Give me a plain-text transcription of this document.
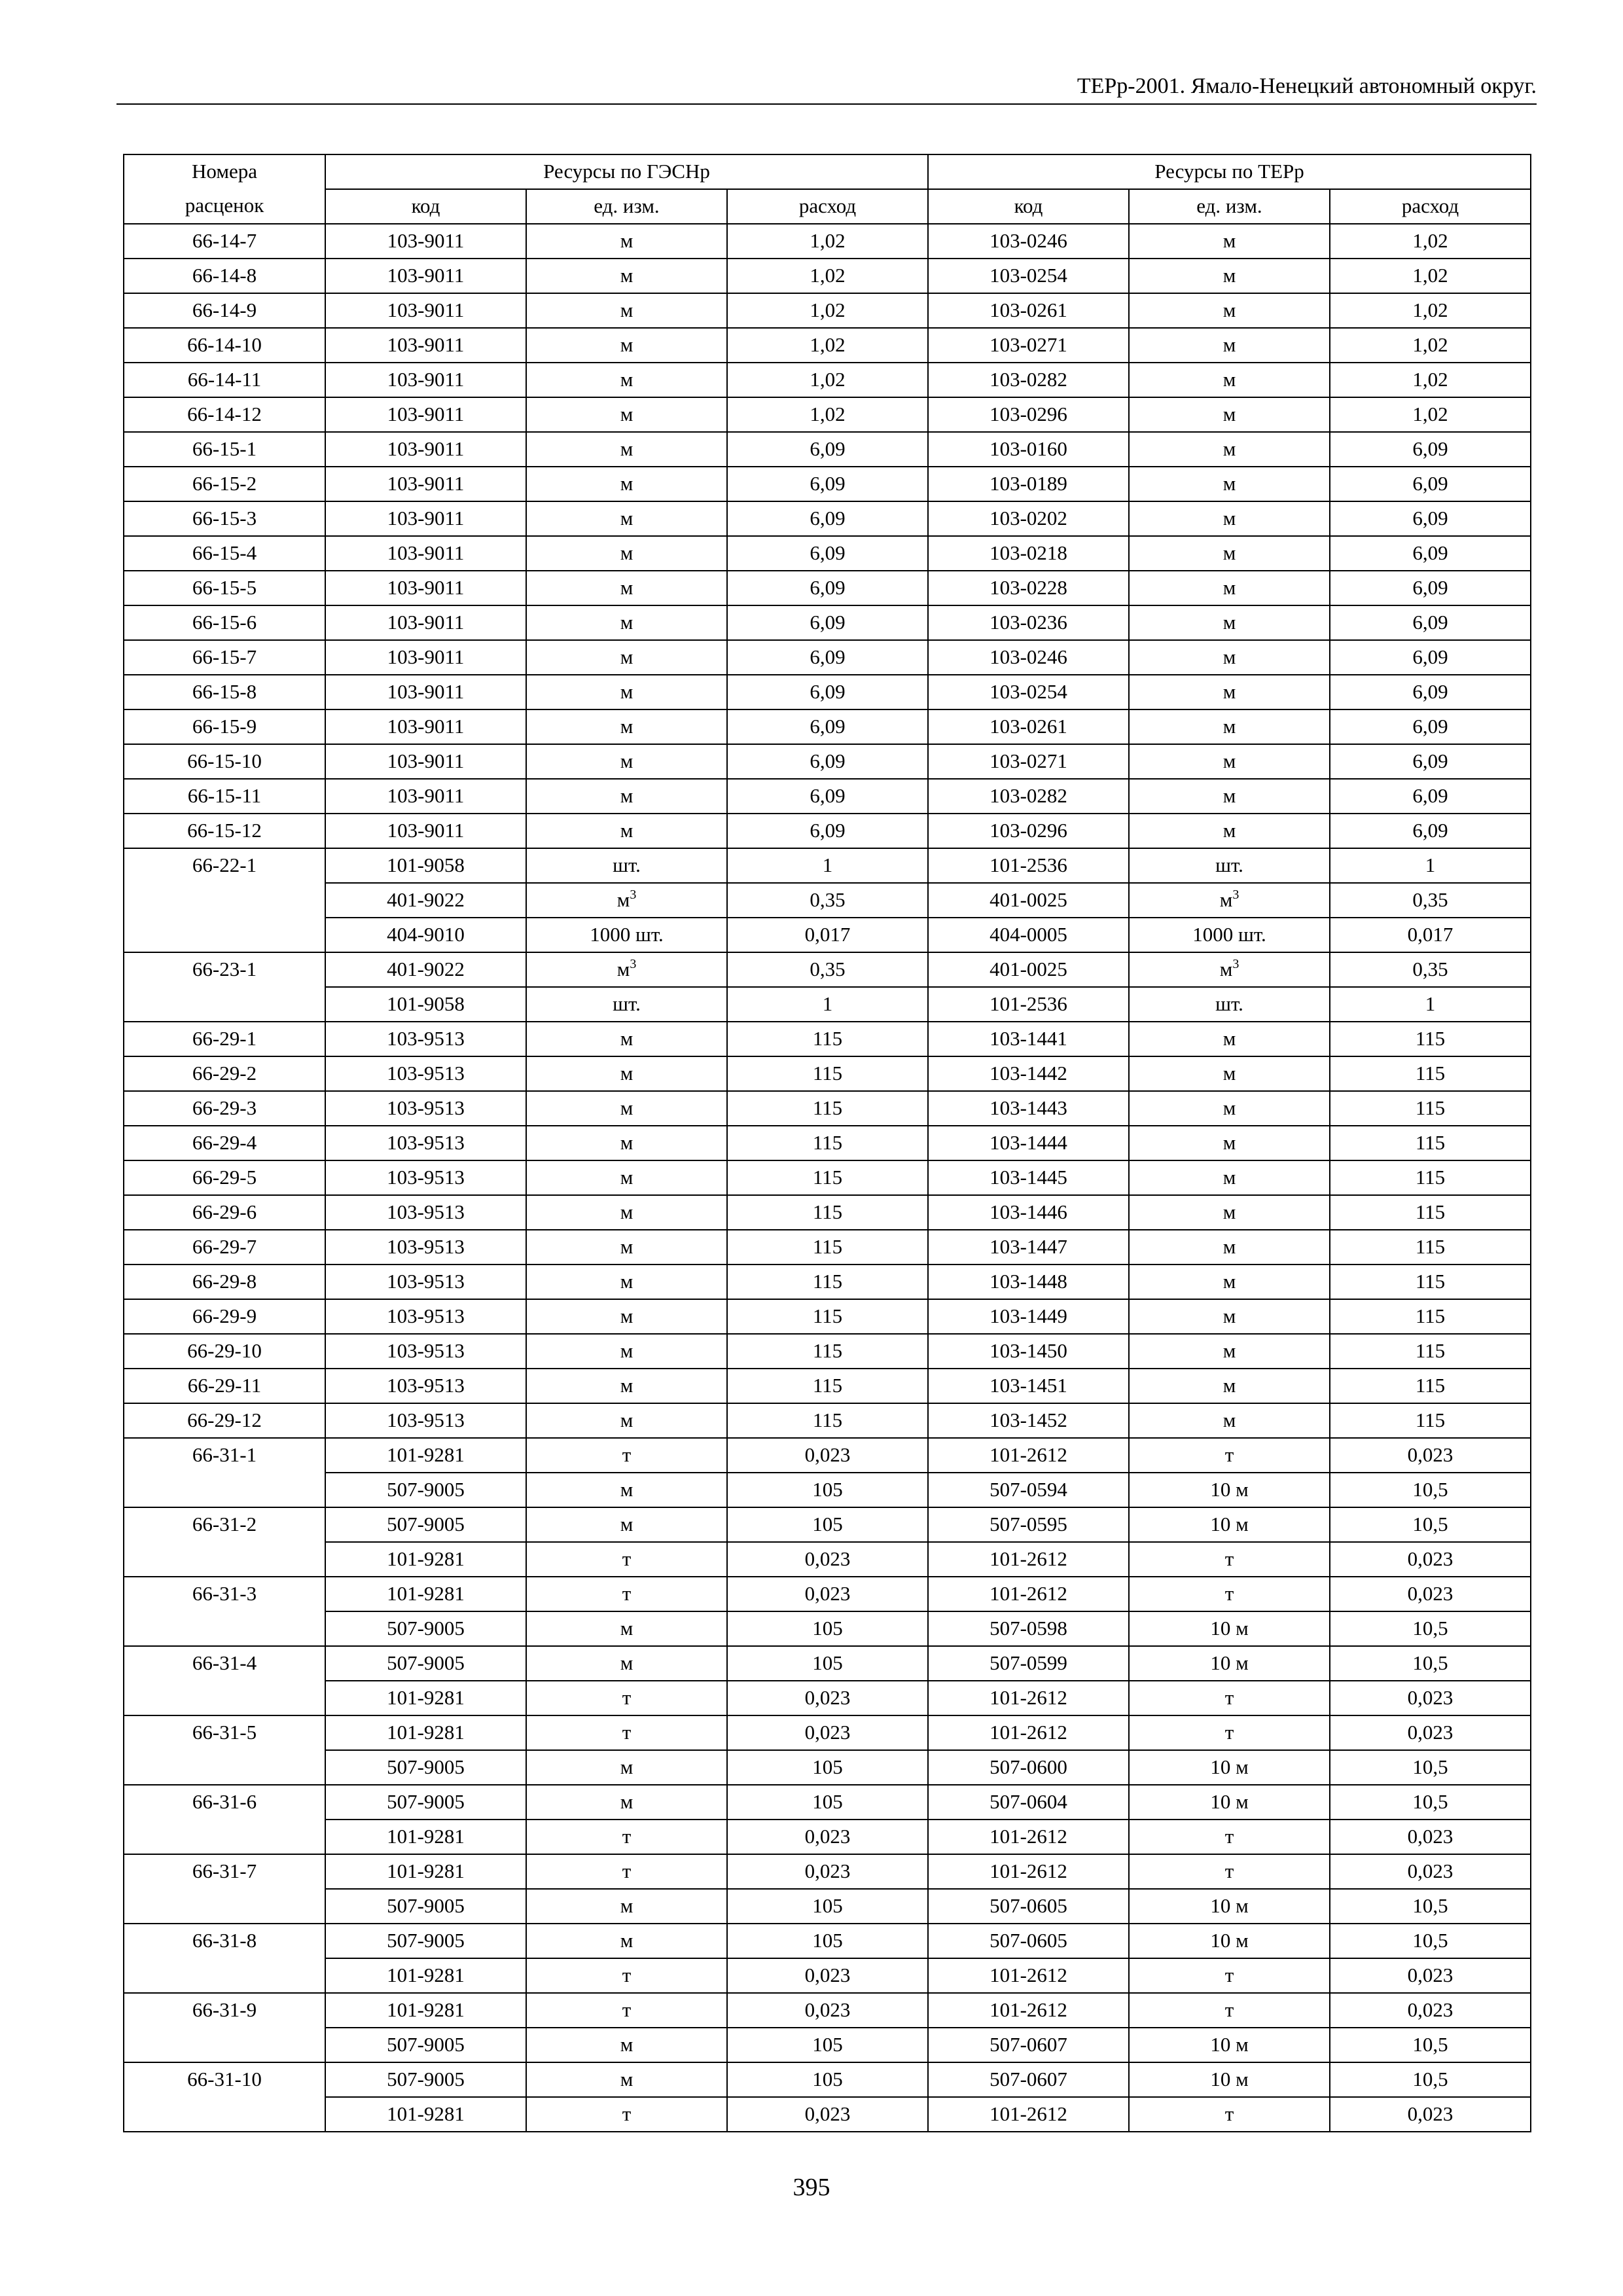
ТЕРр-2001. Ямало-Ненецкий автономный округ.
Номера	Ресурсы по ГЭСНр			Ресурсы по ТЕРр		
расценок	код	ед. изм.	расход	код	ед. изм.	расход
66-14-7	103-9011	м	1,02	103-0246	м	1,02
66-14-8	103-9011	м	1,02	103-0254	м	1,02
66-14-9	103-9011	м	1,02	103-0261	м	1,02
66-14-10	103-9011	м	1,02	103-0271	м	1,02
66-14-11	103-9011	м	1,02	103-0282	м	1,02
66-14-12	103-9011	м	1,02	103-0296	м	1,02
66-15-1	103-9011	м	6,09	103-0160	м	6,09
66-15-2	103-9011	м	6,09	103-0189	м	6,09
66-15-3	103-9011	м	6,09	103-0202	м	6,09
66-15-4	103-9011	м	6,09	103-0218	м	6,09
66-15-5	103-9011	м	6,09	103-0228	м	6,09
66-15-6	103-9011	м	6,09	103-0236	м	6,09
66-15-7	103-9011	м	6,09	103-0246	м	6,09
66-15-8	103-9011	м	6,09	103-0254	м	6,09
66-15-9	103-9011	м	6,09	103-0261	м	6,09
66-15-10	103-9011	м	6,09	103-0271	м	6,09
66-15-11	103-9011	м	6,09	103-0282	м	6,09
66-15-12	103-9011	м	6,09	103-0296	м	6,09
66-22-1	101-9058	шт.	1	101-2536	шт.	1
	401-9022	$м^3$	0,35	401-0025	$м^3$	0,35
	404-9010	1000 шт.	0,017	404-0005	1000 шт.	0,017
66-23-1	401-9022	$м^3$	0,35	401-0025	$м^3$	0,35
	101-9058	шт.	1	101-2536	шт.	1
66-29-1	103-9513	м	115	103-1441	м	115
66-29-2	103-9513	м	115	103-1442	м	115
66-29-3	103-9513	м	115	103-1443	м	115
66-29-4	103-9513	м	115	103-1444	м	115
66-29-5	103-9513	м	115	103-1445	м	115
66-29-6	103-9513	м	115	103-1446	м	115
66-29-7	103-9513	м	115	103-1447	м	115
66-29-8	103-9513	м	115	103-1448	м	115
66-29-9	103-9513	м	115	103-1449	м	115
66-29-10	103-9513	м	115	103-1450	м	115
66-29-11	103-9513	м	115	103-1451	м	115
66-29-12	103-9513	м	115	103-1452	м	115
66-31-1	101-9281	т	0,023	101-2612	т	0,023
	507-9005	м	105	507-0594	10 м	10,5
66-31-2	507-9005	м	105	507-0595	10 м	10,5
	101-9281	т	0,023	101-2612	т	0,023
66-31-3	101-9281	т	0,023	101-2612	т	0,023
	507-9005	м	105	507-0598	10 м	10,5
66-31-4	507-9005	м	105	507-0599	10 м	10,5
	101-9281	т	0,023	101-2612	т	0,023
66-31-5	101-9281	т	0,023	101-2612	т	0,023
	507-9005	м	105	507-0600	10 м	10,5
66-31-6	507-9005	м	105	507-0604	10 м	10,5
	101-9281	т	0,023	101-2612	т	0,023
66-31-7	101-9281	т	0,023	101-2612	т	0,023
	507-9005	м	105	507-0605	10 м	10,5
66-31-8	507-9005	м	105	507-0605	10 м	10,5
	101-9281	т	0,023	101-2612	т	0,023
66-31-9	101-9281	т	0,023	101-2612	т	0,023
	507-9005	м	105	507-0607	10 м	10,5
66-31-10	507-9005	м	105	507-0607	10 м	10,5
	101-9281	т	0,023	101-2612	т	0,023
395
